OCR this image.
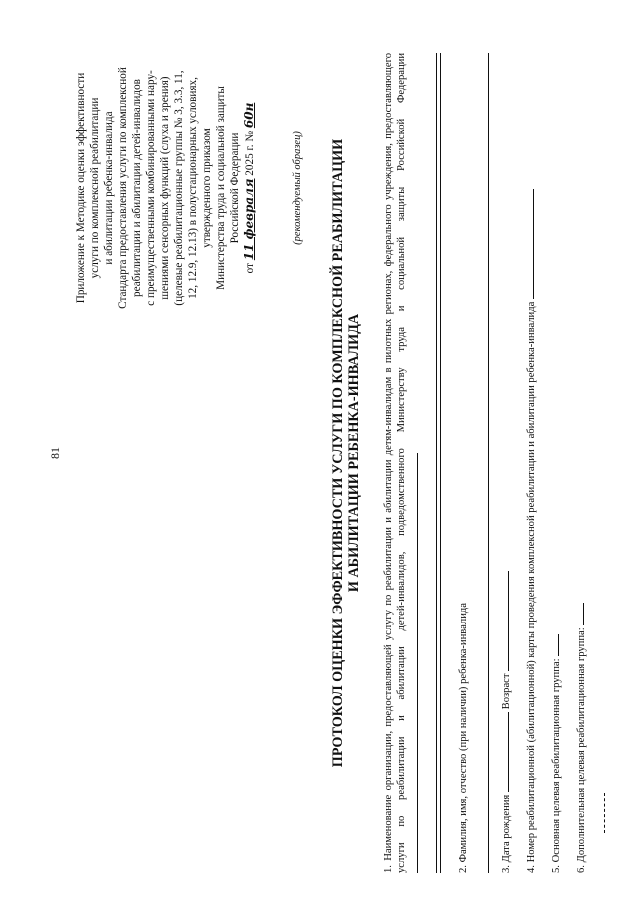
81
Приложение к Методике оценки эффективности услуги по комплексной реабилитации и абилитации ребенка-инвалида Стандарта предоставления услуги по комплексной реабилитации и абилитации детей-инвалидов с преимущественными комбинированными нару- шениями сенсорных функций (слуха и зрения) (целевые реабилитационные группы № 3, 3.3, 11, 12, 12.9, 12.13) в полустационарных условиях, утвержденного приказом Министерства труда и социальной защиты Российской Федерации
от 11 февраля 2025 г. № 60н
(рекомендуемый образец) ПРОТОКОЛ ОЦЕНКИ ЭФФЕКТИВНОСТИ УСЛУГИ ПО КОМПЛЕКСНОЙ РЕАБИЛИТАЦИИ И АБИЛИТАЦИИ РЕБЕНКА-ИНВАЛИДА 1. Наименование организации, предоставляющей услугу по реабилитации и абилитации детям-инвалидам в пилотных регионах, федерального учреждения, предоставляющего услуги по реабилитации и абилитации детей-инвалидов, подведомственного Министерству труда и социальной защиты Российской Федерации	2. Фамилия, имя, отчество (при наличии) ребенка-инвалида	3. Дата рождения  Возраст 4. Номер реабилитационной (абилитационной) карты проведения комплексной реабилитации и абилитации ребенка-инвалида 5. Основная целевая реабилитационная группа: 6. Дополнительная целевая реабилитационная группа:
